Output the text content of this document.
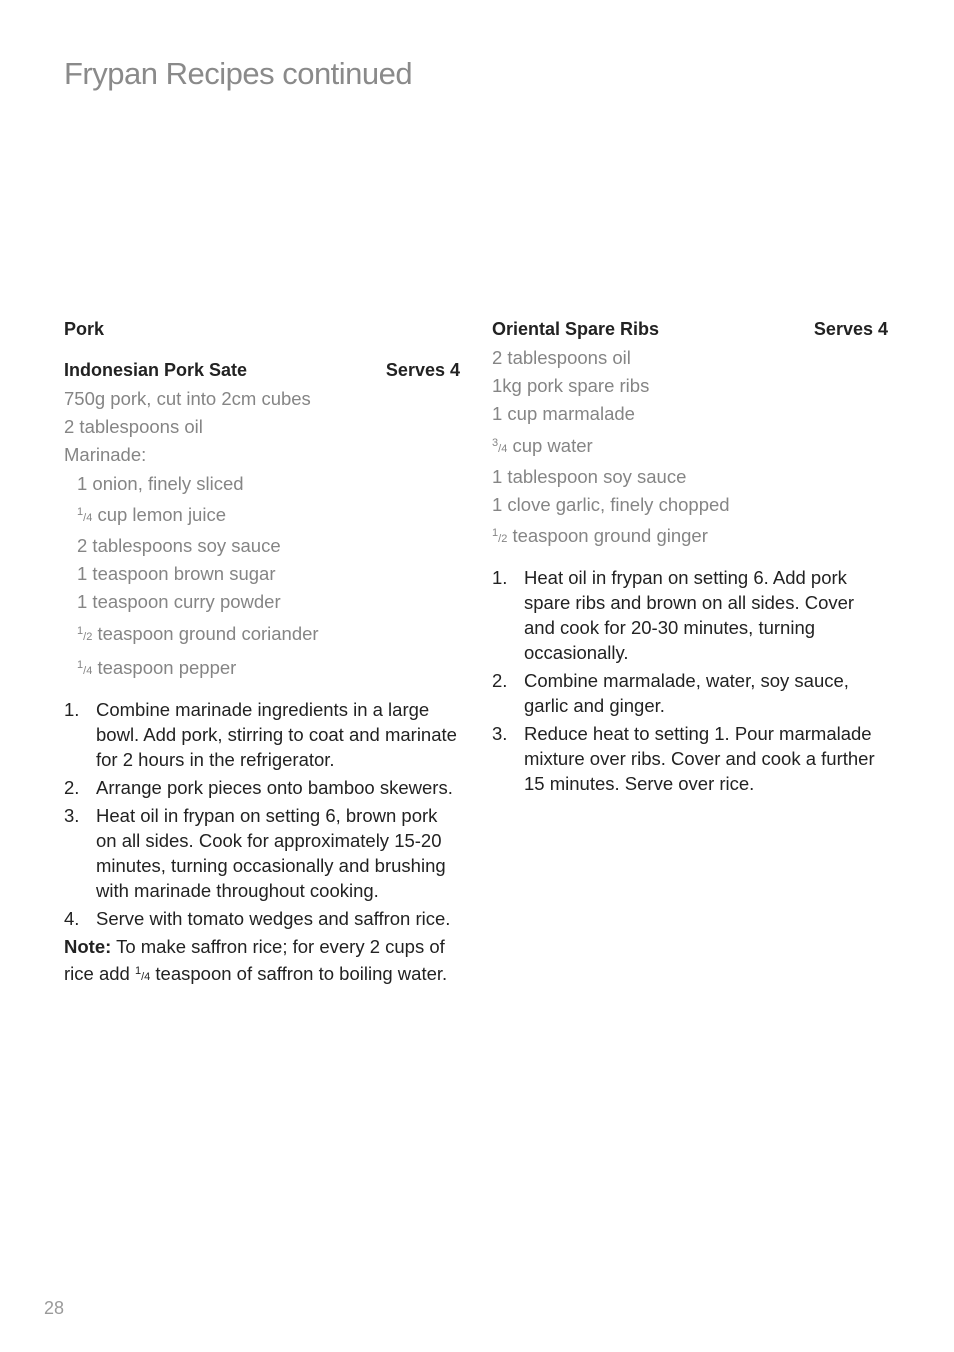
Frypan Recipes continued
Pork
Indonesian Pork Sate	Serves 4
750g pork, cut into 2cm cubes
2 tablespoons oil
Marinade:
1 onion, finely sliced
1/4 cup lemon juice
2 tablespoons soy sauce
1 teaspoon brown sugar
1 teaspoon curry powder
1/2 teaspoon ground coriander
1/4 teaspoon pepper
1. Combine marinade ingredients in a large bowl. Add pork, stirring to coat and marinate for 2 hours in the refrigerator.
2. Arrange pork pieces onto bamboo skewers.
3. Heat oil in frypan on setting 6, brown pork on all sides. Cook for approximately 15-20 minutes, turning occasionally and brushing with marinade throughout cooking.
4. Serve with tomato wedges and saffron rice.
Note: To make saffron rice; for every 2 cups of rice add 1/4 teaspoon of saffron to boiling water.
Oriental Spare Ribs	Serves 4
2 tablespoons oil
1kg pork spare ribs
1 cup marmalade
3/4 cup water
1 tablespoon soy sauce
1 clove garlic, finely chopped
1/2 teaspoon ground ginger
1. Heat oil in frypan on setting 6. Add pork spare ribs and brown on all sides. Cover and cook for 20-30 minutes, turning occasionally.
2. Combine marmalade, water, soy sauce, garlic and ginger.
3. Reduce heat to setting 1. Pour marmalade mixture over ribs. Cover and cook a further 15 minutes. Serve over rice.
28
